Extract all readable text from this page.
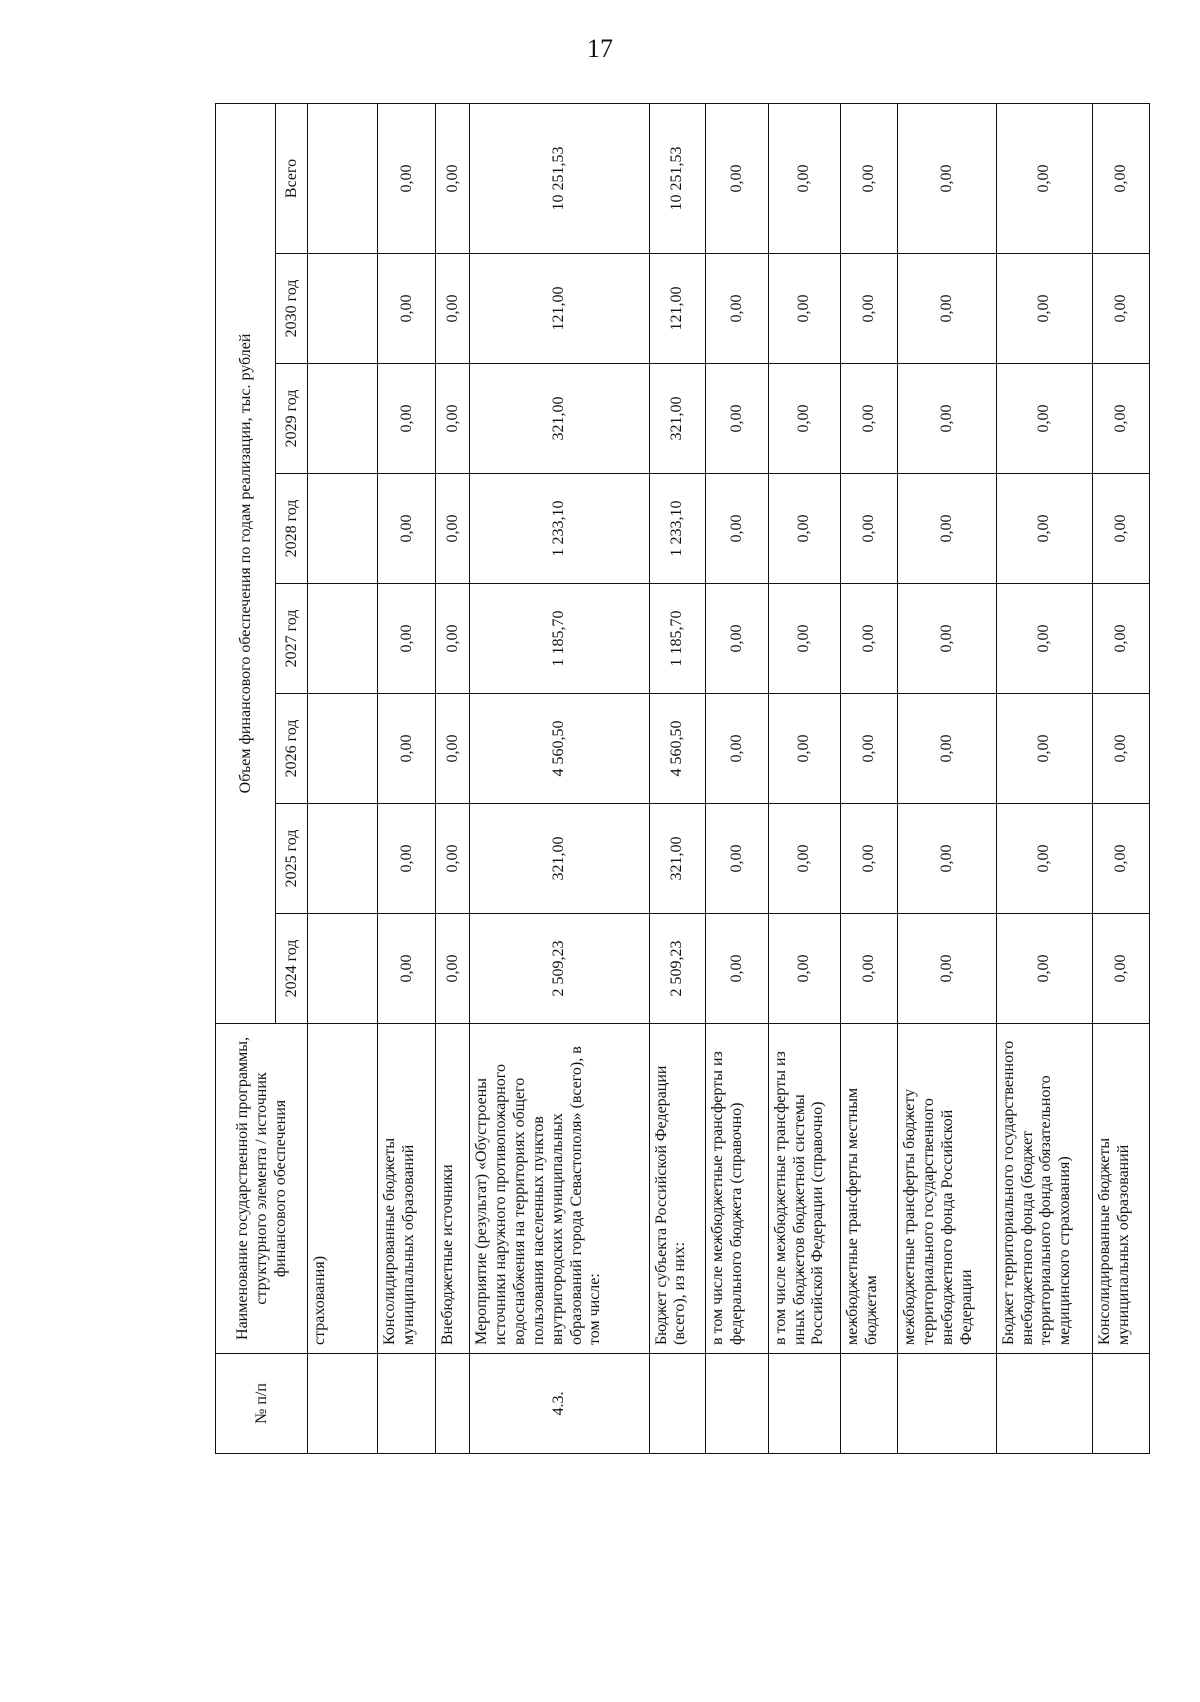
17
№ п/п	Наименование государственной программы, структурного элемента / источник финансового обеспечения	Объем финансового обеспечения по годам реализации, тыс. рублей							
		2024 год	2025 год	2026 год	2027 год	2028 год	2029 год	2030 год	Всего
	страхования)								
	Консолидированные бюджеты муниципальных образований	0,00	0,00	0,00	0,00	0,00	0,00	0,00	0,00
	Внебюджетные источники	0,00	0,00	0,00	0,00	0,00	0,00	0,00	0,00
4.3.	Мероприятие (результат) «Обустроены источники наружного противопожарного водоснабжения на территориях общего пользования населенных пунктов внутригородских муниципальных образований города Севастополя» (всего), в том числе:	2 509,23	321,00	4 560,50	1 185,70	1 233,10	321,00	121,00	10 251,53
	Бюджет субъекта Российской Федерации (всего), из них:	2 509,23	321,00	4 560,50	1 185,70	1 233,10	321,00	121,00	10 251,53
	в том числе межбюджетные трансферты из федерального бюджета (справочно)	0,00	0,00	0,00	0,00	0,00	0,00	0,00	0,00
	в том числе межбюджетные трансферты из иных бюджетов бюджетной системы Российской Федерации (справочно)	0,00	0,00	0,00	0,00	0,00	0,00	0,00	0,00
	межбюджетные трансферты местным бюджетам	0,00	0,00	0,00	0,00	0,00	0,00	0,00	0,00
	межбюджетные трансферты бюджету территориального государственного внебюджетного фонда Российской Федерации	0,00	0,00	0,00	0,00	0,00	0,00	0,00	0,00
	Бюджет территориального государственного внебюджетного фонда (бюджет территориального фонда обязательного медицинского страхования)	0,00	0,00	0,00	0,00	0,00	0,00	0,00	0,00
	Консолидированные бюджеты муниципальных образований	0,00	0,00	0,00	0,00	0,00	0,00	0,00	0,00
